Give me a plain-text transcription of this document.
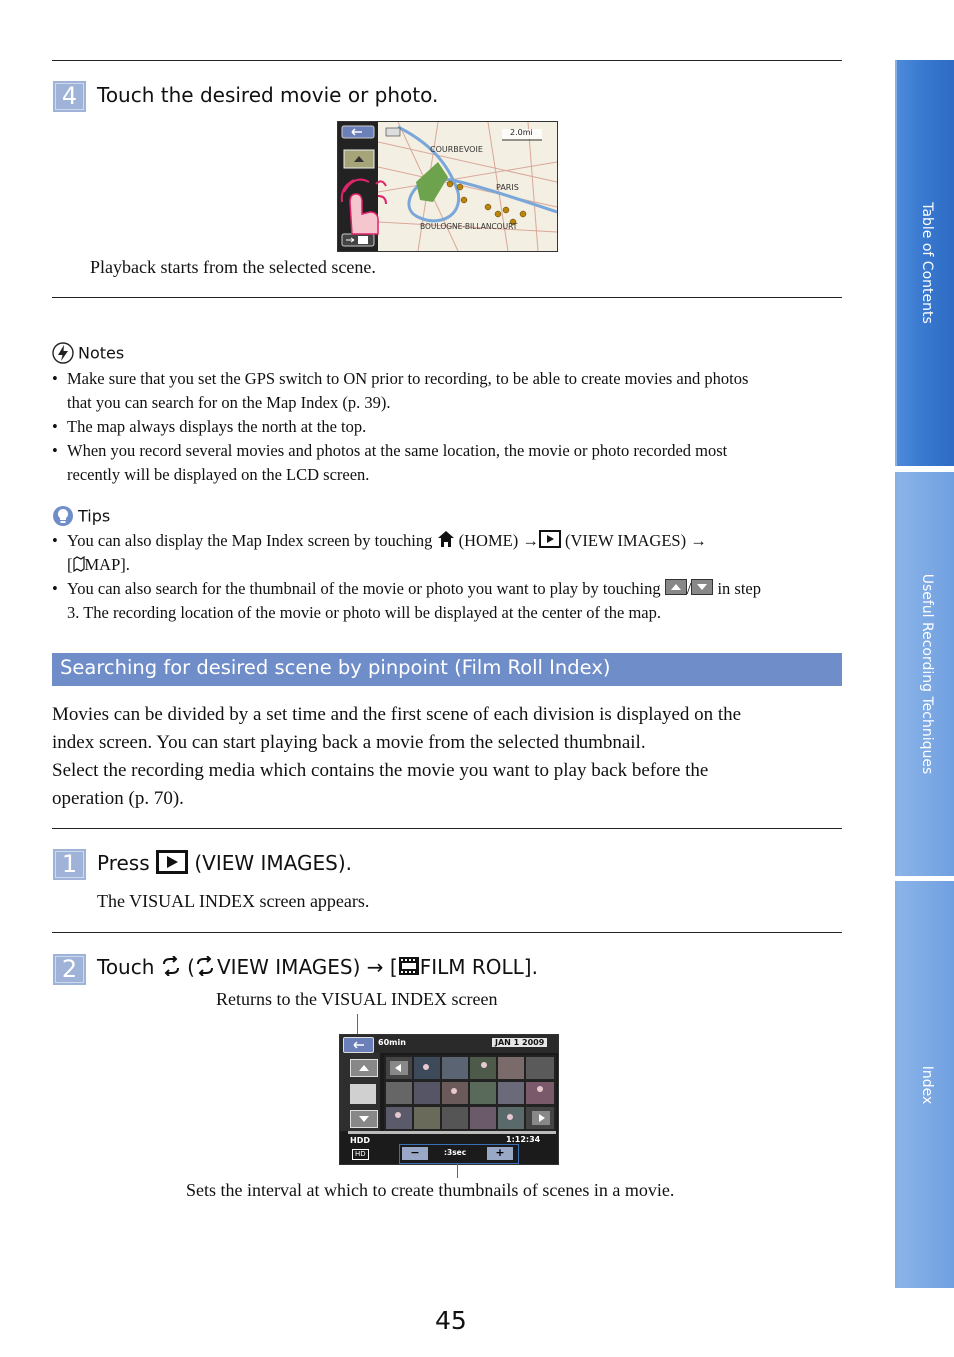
4 Touch the desired movie or photo.
COURBEVOIE
PARIS
BOULOGNE-BILLANCOURT
2.0mi
Playback starts from the selected scene.
Notes
• Make sure that you set the GPS switch to ON prior to recording, to be able to create movies and photos
that you can search for on the Map Index (p. 39).
• The map always displays the north at the top.
• When you record several movies and photos at the same location, the movie or photo recorded most
recently will be displayed on the LCD screen.
Tips
• You can also display the Map Index screen by touching (HOME) → (VIEW IMAGES) →
[ MAP].
• You can also search for the thumbnail of the movie or photo you want to play by touching / in step
3. The recording location of the movie or photo will be displayed at the center of the map.
Searching for desired scene by pinpoint (Film Roll Index)
Movies can be divided by a set time and the first scene of each division is displayed on the
index screen. You can start playing back a movie from the selected thumbnail.
Select the recording media which contains the movie you want to play back before the
operation (p. 70).
1 Press (VIEW IMAGES).
The VISUAL INDEX screen appears.
2 Touch ( VIEW IMAGES) → [ FILM ROLL].
Returns to the VISUAL INDEX screen
60min	JAN 1 2009
HDD	1:12:34
HD	−	:3sec	+
Sets the interval at which to create thumbnails of scenes in a movie.
45
Table of Contents
Useful Recording Techniques
Index
